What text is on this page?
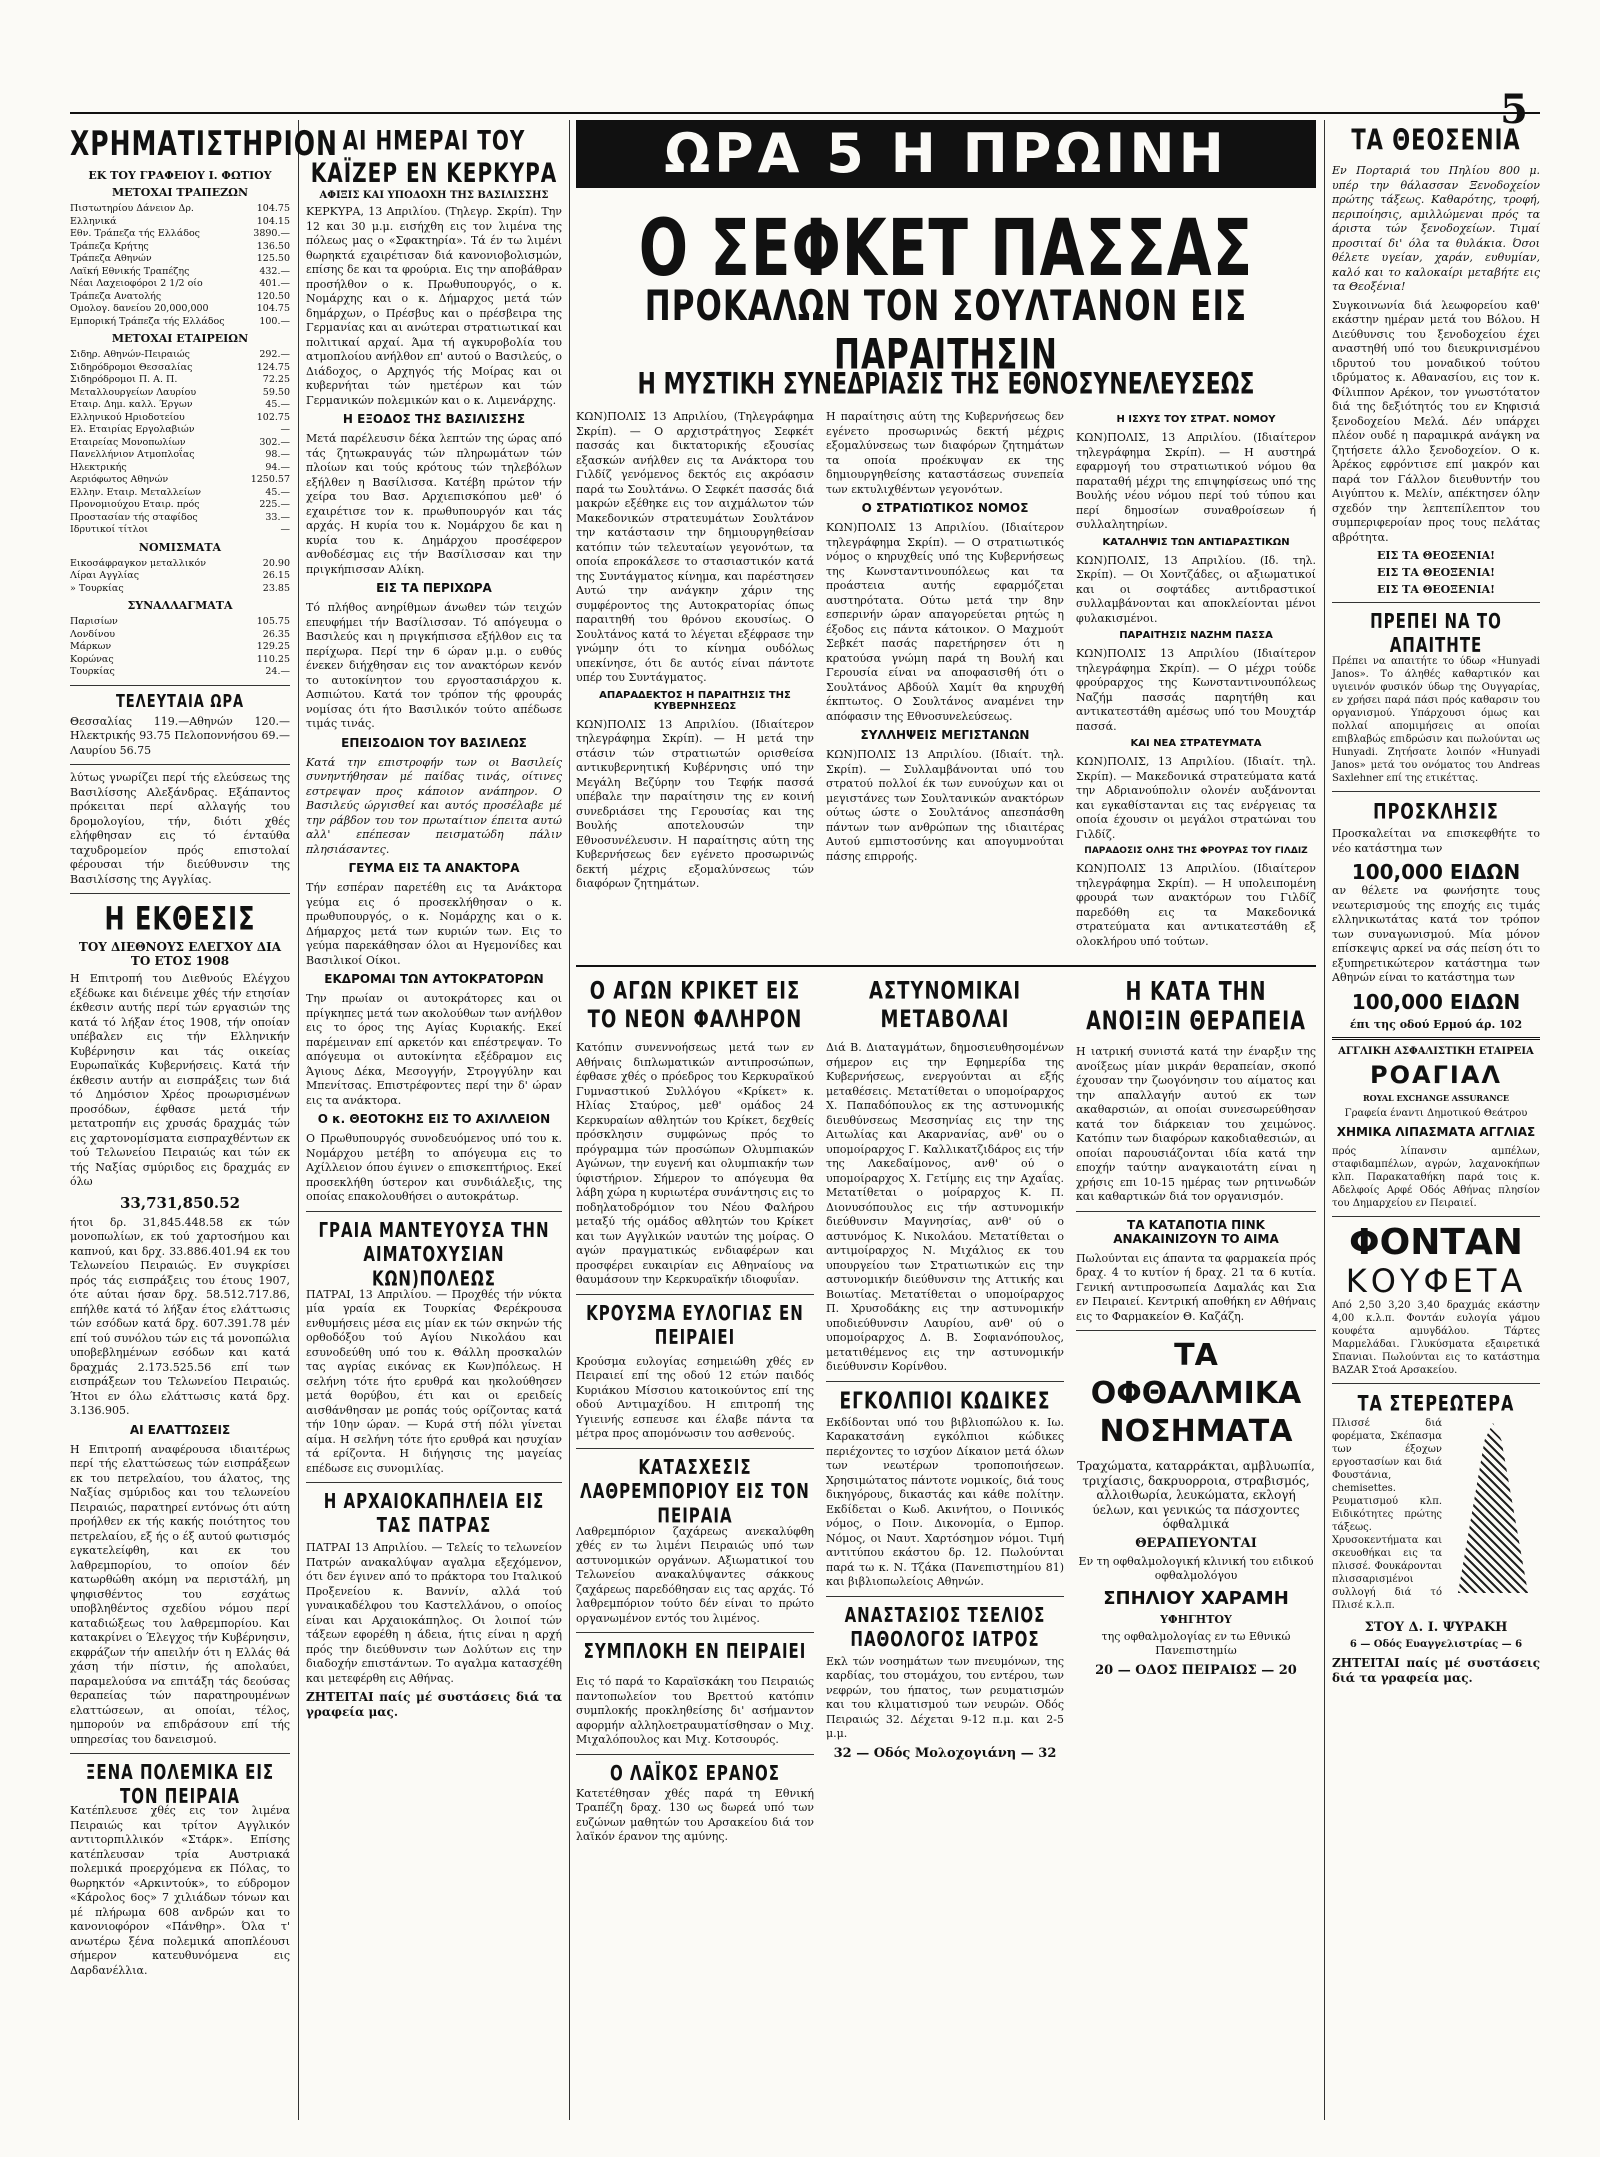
5
ΧΡΗΜΑΤΙΣΤΗΡΙΟΝ
ΕΚ ΤΟΥ ΓΡΑΦΕΙΟΥ Ι. ΦΩΤΙΟΥ
ΜΕΤΟΧΑΙ ΤΡΑΠΕΖΩΝ
Πιστωτηρίου Δάνειον Δρ.	104.75
Ελληνικά	104.15
Εθν. Τράπεζα τής Ελλάδος	3890.—
Τράπεζα Κρήτης	136.50
Τράπεζα Αθηνών	125.50
Λαϊκή Εθνικής Τραπέζης	432.—
Νέαι Λαχειοφόροι 2 1/2 οίο	401.—
Τράπεζα Ανατολής	120.50
Ομολογ. δανείου 20,000,000	104.75
Εμπορική Τράπεζα τής Ελλάδος	100.—
ΜΕΤΟΧΑΙ ΕΤΑΙΡΕΙΩΝ
Σιδηρ. Αθηνών-Πειραιώς	292.—
Σιδηρόδρομοι Θεσσαλίας	124.75
Σιδηρόδρομοι Π. Α. Π.	72.25
Μεταλλουργείων Λαυρίου	59.50
Εταιρ. Δημ. καλλ. Έργων	45.—
Ελληνικού Ηριοδοτείου	102.75
Ελ. Εταιρίας Εργολαβιών	—
Εταιρείας Μονοπωλίων	302.—
Πανελλήνιον Ατμοπλοΐας	98.—
Ηλεκτρικής	94.—
Αεριόφωτος Αθηνών	1250.57
Ελλην. Εταιρ. Μεταλλείων	45.—
Προνομιούχου Εταιρ. πρός	225.—
Προστασίαν τής σταφίδος	33.—
Ιδρυτικοί τίτλοι	—
ΝΟΜΙΣΜΑΤΑ
Εικοσάφραγκον μεταλλικόν	20.90
Λίραι Αγγλίας	26.15
» Τουρκίας	23.85
ΣΥΝΑΛΛΑΓΜΑΤΑ
Παρισίων	105.75
Λονδίνου	26.35
Μάρκων	129.25
Κορώνας	110.25
Τουρκίας	24.—
ΤΕΛΕΥΤΑΙΑ ΩΡΑ

Θεσσαλίας 119.—Αθηνών 120.— Ηλεκτρικής 93.75 Πελοποννήσου 69.— Λαυρίου 56.75

λύτως γνωρίζει περί τής ελεύσεως της Βασιλίσσης Αλεξάνδρας. Εξάπαντος πρόκειται περί αλλαγής του δρομολογίου, τήν, διότι χθές ελήφθησαν εις τό ένταύθα ταχυδρομείον πρός επιστολαί φέρουσαι τήν διεύθυνσιν της Βασιλίσσης της Αγγλίας.

Η ΕΚΘΕΣΙΣ
ΤΟΥ ΔΙΕΘΝΟΥΣ ΕΛΕΓΧΟΥ ΔΙΑ ΤΟ ΕΤΟΣ 1908

Η Επιτροπή του Διεθνούς Ελέγχου εξέδωκε και διένειμε χθές τήν ετησίαν έκθεσιν αυτής περί τών εργασιών της κατά τό λήξαν έτος 1908, τήν οποίαν υπέβαλεν εις τήν Ελληνικήν Κυβέρνησιν και τάς οικείας Ευρωπαϊκάς Κυβερνήσεις. Κατά τήν έκθεσιν αυτήν αι εισπράξεις των διά τό Δημόσιον Χρέος προωρισμένων προσόδων, έφθασε μετά τήν μετατροπήν εις χρυσάς δραχμάς τών εις χαρτονομίσματα εισπραχθέντων εκ τού Τελωνείου Πειραιώς και τών εκ τής Ναξίας σμύριδος εις δραχμάς εν όλω

33,731,850.52

ήτοι δρ. 31,845.448.58 εκ τών μονοπωλίων, εκ τού χαρτοσήμου και καπνού, και δρχ. 33.886.401.94 εκ του Τελωνείου Πειραιώς. Εν συγκρίσει πρός τάς εισπράξεις του έτους 1907, ότε αύται ήσαν δρχ. 58.512.717.86, επήλθε κατά τό λήξαν έτος ελάττωσις τών εσόδων κατά δρχ. 607.391.78 μέν επί τού συνόλου τών εις τά μονοπώλια υποβεβλημένων εσόδων και κατά δραχμάς 2.173.525.56 επί των εισπράξεων του Τελωνείου Πειραιώς. Ήτοι εν όλω ελάττωσις κατά δρχ. 3.136.905.

ΑΙ ΕΛΑΤΤΩΣΕΙΣ

Η Επιτροπή αναφέρουσα ιδιαιτέρως περί τής ελαττώσεως τών εισπράξεων εκ του πετρελαίου, του άλατος, της Ναξίας σμύριδος και του τελωνείου Πειραιώς, παρατηρεί εντόνως ότι αύτη προήλθεν εκ τής κακής ποιότητος του πετρελαίου, εξ ής ο έξ αυτού φωτισμός εγκατελείφθη, και εκ του λαθρεμπορίου, το οποίον δέν κατωρθώθη ακόμη να περιστάλή, μη ψηφισθέντος του εσχάτως υποβληθέντος σχεδίου νόμου περί καταδιώξεως του λαθρεμπορίου. Και κατακρίνει ο Έλεγχος τήν Κυβέρνησιν, εκφράζων τήν απειλήν ότι η Ελλάς θά χάση τήν πίστιν, ής απολαύει, παραμελούσα να επιτάξη τάς δεούσας θεραπείας τών παρατηρουμένων ελαττώσεων, αι οποίαι, τέλος, ημπορούν να επιδράσουν επί τής υπηρεσίας του δανεισμού.

ΞΕΝΑ ΠΟΛΕΜΙΚΑ ΕΙΣ ΤΟΝ ΠΕΙΡΑΙΑ

Κατέπλευσε χθές εις τον λιμένα Πειραιώς και τρίτον Αγγλικόν αντιτορπιλλικόν «Στάρκ». Επίσης κατέπλευσαν τρία Αυστριακά πολεμικά προερχόμενα εκ Πόλας, το θωρηκτόν «Αρκιντούκ», το εύδρομον «Κάρολος 6ος» 7 χιλιάδων τόνων και μέ πλήρωμα 608 ανδρών και το κανονιοφόρον «Πάνθηρ». Όλα τ' ανωτέρω ξένα πολεμικά αποπλέουσι σήμερον κατευθυνόμενα εις Δαρδανέλλια.

ΑΙ ΗΜΕΡΑΙ ΤΟΥ ΚΑΪΖΕΡ ΕΝ ΚΕΡΚΥΡΑ
ΑΦΙΞΙΣ ΚΑΙ ΥΠΟΔΟΧΗ ΤΗΣ ΒΑΣΙΛΙΣΣΗΣ

ΚΕΡΚΥΡΑ, 13 Απριλίου. (Τηλεγρ. Σκρίπ). Την 12 και 30 μ.μ. εισήχθη εις τον λιμένα της πόλεως μας ο «Σφακτηρία». Τά έν τω λιμένι θωρηκτά εχαιρέτισαν διά κανονιοβολισμών, επίσης δε και τα φρούρια. Εις την αποβάθραν προσήλθον ο κ. Πρωθυπουργός, ο κ. Νομάρχης και ο κ. Δήμαρχος μετά τών δημάρχων, ο Πρέσβυς και ο πρέσβειρα της Γερμανίας και αι ανώτεραι στρατιωτικαί και πολιτικαί αρχαί. Άμα τή αγκυροβολία του ατμοπλοίου ανήλθον επ' αυτού ο Βασιλεύς, ο Διάδοχος, ο Αρχηγός τής Μοίρας και οι κυβερνήται τών ημετέρων και τών Γερμανικών πολεμικών και ο κ. Λιμενάρχης.

Η ΕΞΟΔΟΣ ΤΗΣ ΒΑΣΙΛΙΣΣΗΣ

Μετά παρέλευσιν δέκα λεπτών της ώρας από τάς ζητωκραυγάς τών πληρωμάτων τών πλοίων και τούς κρότους τών τηλεβόλων εξήλθεν η Βασίλισσα. Κατέβη πρώτον τήν χείρα του Βασ. Αρχιεπισκόπου μεθ' ό εχαιρέτισε τον κ. πρωθυπουργόν και τάς αρχάς. Η κυρία του κ. Νομάρχου δε και η κυρία του κ. Δημάρχου προσέφερον ανθοδέσμας εις τήν Βασίλισσαν και την πριγκήπισσαν Αλίκη.

ΕΙΣ ΤΑ ΠΕΡΙΧΩΡΑ

Τό πλήθος ανηρίθμων άνωθεν τών τειχών επευφήμει τήν Βασίλισσαν. Τό απόγευμα ο Βασιλεύς και η πριγκήπισσα εξήλθον εις τα περίχωρα. Περί την 6 ώραν μ.μ. ο ευθύς ένεκεν διήχθησαν εις τον ανακτόρων κενόν το αυτοκίνητον του εργοστασιάρχου κ. Ασπιώτου. Κατά τον τρόπον τής φρουράς νομίσας ότι ήτο Βασιλικόν τούτο απέδωσε τιμάς τινάς.

ΕΠΕΙΣΟΔΙΟΝ ΤΟΥ ΒΑΣΙΛΕΩΣ

Κατά την επιστροφήν των οι Βασιλείς συνηντήθησαν μέ παίδας τινάς, οίτινες εστρεψαν προς κάποιον ανάπηρον. Ο Βασιλεύς ώργισθεί και αυτός προσέλαβε μέ την ράβδον του τον πρωταίτιον έπειτα αυτώ αλλ' επέπεσαν πεισματώδη πάλιν πλησιάσαντες.

ΓΕΥΜΑ ΕΙΣ ΤΑ ΑΝΑΚΤΟΡΑ

Τήν εσπέραν παρετέθη εις τα Ανάκτορα γεύμα εις ό προσεκλήθησαν ο κ. πρωθυπουργός, ο κ. Νομάρχης και ο κ. Δήμαρχος μετά των κυριών των. Εις το γεύμα παρεκάθησαν όλοι αι Ηγεμονίδες και Βασιλικοί Οίκοι.

ΕΚΔΡΟΜΑΙ ΤΩΝ ΑΥΤΟΚΡΑΤΟΡΩΝ

Την πρωίαν οι αυτοκράτορες και οι πρίγκηπες μετά των ακολούθων των ανήλθον εις το όρος της Αγίας Κυριακής. Εκεί παρέμειναν επί αρκετόν και επέστρεψαν. Το απόγευμα οι αυτοκίνητα εξέδραμον εις Άγιους Δέκα, Μεσογγήν, Στρογγύλην και Μπενίτσας. Επιστρέφοντες περί την δ' ώραν εις τα ανάκτορα.

Ο κ. ΘΕΟΤΟΚΗΣ ΕΙΣ ΤΟ ΑΧΙΛΛΕΙΟΝ

Ο Πρωθυπουργός συνοδευόμενος υπό του κ. Νομάρχου μετέβη το απόγευμα εις το Αχίλλειον όπου έγινεν ο επισκεπτήριος. Εκεί προσεκλήθη ύστερον και συνδιάλεξις, της οποίας επακολουθήσει ο αυτοκράτωρ.

ΓΡΑΙΑ ΜΑΝΤΕΥΟΥΣΑ ΤΗΝ ΑΙΜΑΤΟΧΥΣΙΑΝ ΚΩΝ)ΠΟΛΕΩΣ

ΠΑΤΡΑΙ, 13 Απριλίου. — Προχθές τήν νύκτα μία γραία εκ Τουρκίας Φερέκρουσα ενθυμήσεις μέσα εις μίαν εκ τών σκηνών τής ορθοδόξου τού Αγίου Νικολάου και εσυνοδεύθη υπό του κ. Θάλλη προσκαλών τας αγρίας εικόνας εκ Κων)πόλεως. Η σελήνη τότε ήτο ερυθρά και ηκολούθησεν μετά θορύβου, έτι και οι ερειδείς αισθάνθησαν με ροπάς τούς ορίζοντας κατά τήν 10ην ώραν. — Κυρά στή πόλι γίνεται αίμα. Η σελήνη τότε ήτο ερυθρά και ησυχίαν τά ερίζοντα. Η διήγησις της μαγείας επέδωσε εις συνομιλίας.

Η ΑΡΧΑΙΟΚΑΠΗΛΕΙΑ ΕΙΣ ΤΑΣ ΠΑΤΡΑΣ

ΠΑΤΡΑΙ 13 Απριλίου. — Τελείς το τελωνείον Πατρών ανακαλύψαν αγαλμα εξεχόμενον, ότι δεν έγινεν από το πράκτορα του Ιταλικού Προξενείου κ. Βαννίν, αλλά τού γυναικαδέλφου του Καστελλάνου, ο οποίος είναι και Αρχαιοκάπηλος. Οι λοιποί τών τάξεων εφορέθη η άδεια, ήτις είναι η αρχή πρός την διεύθυνσιν των Δολύτων εις την διαδοχήν επιστάντων. Το αγαλμα κατασχέθη και μετεφέρθη εις Αθήνας.

ΖΗΤΕΙΤΑΙ παίς μέ συστάσεις διά τα γραφεία μας.

ΩΡΑ 5 Η ΠΡΩΙΝΗ
Ο ΣΕΦΚΕΤ ΠΑΣΣΑΣ
ΠΡΟΚΑΛΩΝ ΤΟΝ ΣΟΥΛΤΑΝΟΝ ΕΙΣ ΠΑΡΑΙΤΗΣΙΝ
Η ΜΥΣΤΙΚΗ ΣΥΝΕΔΡΙΑΣΙΣ ΤΗΣ ΕΘΝΟΣΥΝΕΛΕΥΣΕΩΣ

ΚΩΝ)ΠΟΛΙΣ 13 Απριλίου, (Τηλεγράφημα Σκρίπ). — Ο αρχιστράτηγος Σεφκέτ πασσάς και δικτατορικής εξουσίας εξασκών ανήλθεν εις τα Ανάκτορα του Γιλδίζ γενόμενος δεκτός εις ακρόασιν παρά τω Σουλτάνω. Ο Σεφκέτ πασσάς διά μακρών εξέθηκε εις τον αιχμάλωτον τών Μακεδονικών στρατευμάτων Σουλτάνον την κατάστασιν την δημιουργηθείσαν κατόπιν τών τελευταίων γεγονότων, τα οποία επροκάλεσε το στασιαστικόν κατά της Συντάγματος κίνημα, και παρέστησεν Αυτώ την ανάγκην χάριν της συμφέροντος της Αυτοκρατορίας όπως παραιτηθή του θρόνου εκουσίως. Ο Σουλτάνος κατά το λέγεται εξέφρασε την γνώμην ότι το κίνημα ουδόλως υπεκίνησε, ότι δε αυτός είναι πάντοτε υπέρ του Συντάγματος.

ΑΠΑΡΑΔΕΚΤΟΣ Η ΠΑΡΑΙΤΗΣΙΣ ΤΗΣ ΚΥΒΕΡΝΗΣΕΩΣ

ΚΩΝ)ΠΟΛΙΣ 13 Απριλίου. (Ιδιαίτερον τηλεγράφημα Σκρίπ). — Η μετά την στάσιν τών στρατιωτών ορισθείσα αντικυβερνητική Κυβέρνησις υπό την Μεγάλη Βεζύρην του Τεφήκ πασσά υπέβαλε την παραίτησιν της εν κοινή συνεδριάσει της Γερουσίας και της Βουλής αποτελουσών την Εθνοσυνέλευσιν. Η παραίτησις αύτη της Κυβερνήσεως δεν εγένετο προσωρινώς δεκτή μέχρις εξομαλύνσεως τών διαφόρων ζητημάτων.

Η παραίτησις αύτη της Κυβερνήσεως δεν εγένετο προσωρινώς δεκτή μέχρις εξομαλύνσεως των διαφόρων ζητημάτων τα οποία προέκυψαν εκ της δημιουργηθείσης καταστάσεως συνεπεία των εκτυλιχθέντων γεγονότων.

Ο ΣΤΡΑΤΙΩΤΙΚΟΣ ΝΟΜΟΣ

ΚΩΝ)ΠΟΛΙΣ 13 Απριλίου. (Ιδιαίτερον τηλεγράφημα Σκρίπ). — Ο στρατιωτικός νόμος ο κηρυχθείς υπό της Κυβερνήσεως της Κωνσταντινουπόλεως και τα προάστεια αυτής εφαρμόζεται αυστηρότατα. Ούτω μετά την 8ην εσπερινήν ώραν απαγορεύεται ρητώς η έξοδος εις πάντα κάτοικον. Ο Μαχμούτ Σεβκέτ πασάς παρετήρησεν ότι η κρατούσα γνώμη παρά τη Βουλή και Γερουσία είναι να αποφασισθή ότι ο Σουλτάνος Αβδούλ Χαμίτ θα κηρυχθή έκπτωτος. Ο Σουλτάνος αναμένει την απόφασιν της Εθνοσυνελεύσεως.

ΣΥΛΛΗΨΕΙΣ ΜΕΓΙΣΤΑΝΩΝ

ΚΩΝ)ΠΟΛΙΣ 13 Απριλίου. (Ιδιαίτ. τηλ. Σκρίπ). — Συλλαμβάνονται υπό του στρατού πολλοί έκ των ευνούχων και οι μεγιστάνες των Σουλτανικών ανακτόρων ούτως ώστε ο Σουλτάνος απεσπάσθη πάντων των ανθρώπων της ιδιαιτέρας Αυτού εμπιστοσύνης και απογυμνούται πάσης επιρροής.

Η ΙΣΧΥΣ ΤΟΥ ΣΤΡΑΤ. ΝΟΜΟΥ

ΚΩΝ)ΠΟΛΙΣ, 13 Απριλίου. (Ιδιαίτερον τηλεγράφημα Σκρίπ). — Η αυστηρά εφαρμογή του στρατιωτικού νόμου θα παραταθή μέχρι της επιψηφίσεως υπό της Βουλής νέου νόμου περί τού τύπου και περί δημοσίων συναθροίσεων ή συλλαλητηρίων.

ΚΑΤΑΛΗΨΙΣ ΤΩΝ ΑΝΤΙΔΡΑΣΤΙΚΩΝ

ΚΩΝ)ΠΟΛΙΣ, 13 Απριλίου. (Ιδ. τηλ. Σκρίπ). — Οι Χοντζάδες, οι αξιωματικοί και οι σοφτάδες αντιδραστικοί συλλαμβάνονται και αποκλείονται μένοι φυλακισμένοι.

ΠΑΡΑΙΤΗΣΙΣ ΝΑΖΗΜ ΠΑΣΣΑ

ΚΩΝ)ΠΟΛΙΣ 13 Απριλίου (Ιδιαίτερον τηλεγράφημα Σκρίπ). — Ο μέχρι τούδε φρούραρχος της Κωνσταντινουπόλεως Ναζήμ πασσάς παρητήθη και αντικατεστάθη αμέσως υπό του Μουχτάρ πασσά.

ΚΑΙ ΝΕΑ ΣΤΡΑΤΕΥΜΑΤΑ

ΚΩΝ)ΠΟΛΙΣ, 13 Απριλίου. (Ιδιαίτ. τηλ. Σκρίπ). — Μακεδονικά στρατεύματα κατά την Αδριανούπολιν ολονέν αυξάνονται και εγκαθίστανται εις τας ενέργειας τα οποία έχουσιν οι μεγάλοι στρατώναι του Γιλδίζ.

ΠΑΡΑΔΟΣΙΣ ΟΛΗΣ ΤΗΣ ΦΡΟΥΡΑΣ ΤΟΥ ΓΙΛΔΙΖ

ΚΩΝ)ΠΟΛΙΣ 13 Απριλίου. (Ιδιαίτερον τηλεγράφημα Σκρίπ). — Η υπολειπομένη φρουρά των ανακτόρων του Γιλδίζ παρεδόθη εις τα Μακεδονικά στρατεύματα και αντικατεστάθη εξ ολοκλήρου υπό τούτων.

Ο ΑΓΩΝ ΚΡΙΚΕΤ ΕΙΣ ΤΟ ΝΕΟΝ ΦΑΛΗΡΟΝ

Κατόπιν συνεννοήσεως μετά των εν Αθήναις διπλωματικών αντιπροσώπων, έφθασε χθές ο πρόεδρος του Κερκυραϊκού Γυμναστικού Συλλόγου «Κρίκετ» κ. Ηλίας Σταύρος, μεθ' ομάδος 24 Κερκυραίων αθλητών του Κρίκετ, δεχθείς πρόσκλησιν συμφώνως πρός το πρόγραμμα τών προσώπων Ολυμπιακών Αγώνων, την ευγενή και ολυμπιακήν των ύφιστήριον. Σήμερον το απόγευμα θα λάβη χώρα η κυριωτέρα συνάντησις εις το ποδηλατοδρόμιον του Νέου Φαλήρου μεταξύ τής ομάδος αθλητών του Κρίκετ και των Αγγλικών ναυτών της μοίρας. Ο αγών πραγματικώς ενδιαφέρων και προσφέρει ευκαιρίαν εις Αθηναίους να θαυμάσουν την Κερκυραϊκήν ιδιοφυΐαν.

ΚΡΟΥΣΜΑ ΕΥΛΟΓΙΑΣ ΕΝ ΠΕΙΡΑΙΕΙ

Κρούσμα ευλογίας εσημειώθη χθές εν Πειραιεί επί της οδού 12 ετών παιδός Κυριάκου Μίσσιου κατοικούντος επί της οδού Αντιμαχίδου. Η επιτροπή της Υγιεινής εσπευσε και έλαβε πάντα τα μέτρα προς απομόνωσιν του ασθενούς.

ΚΑΤΑΣΧΕΣΙΣ ΛΑΘΡΕΜΠΟΡΙΟΥ ΕΙΣ ΤΟΝ ΠΕΙΡΑΙΑ

Λαθρεμπόριον ζαχάρεως ανεκαλύφθη χθές εν τω λιμένι Πειραιώς υπό των αστυνομικών οργάνων. Αξιωματικοί του Τελωνείου ανακαλύψαντες σάκκους ζαχάρεως παρεδόθησαν εις τας αρχάς. Τό λαθρεμπόριον τούτο δέν είναι το πρώτο οργανωμένον εντός του λιμένος.

ΣΥΜΠΛΟΚΗ ΕΝ ΠΕΙΡΑΙΕΙ

Εις τό παρά το Καραϊσκάκη του Πειραιώς παντοπωλείον του Βρεττού κατόπιν συμπλοκής προκληθείσης δι' ασήμαντον αφορμήν αλληλοετραυματίσθησαν ο Μιχ. Μιχαλόπουλος και Μιχ. Κοτσουρός.

Ο ΛΑΪΚΟΣ ΕΡΑΝΟΣ

Κατετέθησαν χθές παρά τη Εθνική Τραπέζη δραχ. 130 ως δωρεά υπό των ευζώνων μαθητών του Αρσακείου διά τον λαϊκόν έρανον της αμύνης.

ΑΣΤΥΝΟΜΙΚΑΙ ΜΕΤΑΒΟΛΑΙ

Διά Β. Διαταγμάτων, δημοσιευθησομένων σήμερον εις την Εφημερίδα της Κυβερνήσεως, ενεργούνται αι εξής μεταθέσεις. Μετατίθεται ο υπομοίραρχος Χ. Παπαδόπουλος εκ της αστυνομικής διευθύνσεως Μεσσηνίας εις την της Αιτωλίας και Ακαρνανίας, ανθ' ου ο υπομοίραρχος Γ. Καλλικατζιδάρος εις τήν της Λακεδαίμονος, ανθ' ού ο υπομοίραρχος Χ. Γετίμης εις την Αχαΐας. Μετατίθεται ο μοίραρχος Κ. Π. Διονυσόπουλος εις τήν αστυνομικήν διεύθυνσιν Μαγνησίας, ανθ' ού ο αστυνόμος Κ. Νικολάου. Μετατίθεται ο αντιμοίραρχος Ν. Μιχάλιος εκ του υπουργείου των Στρατιωτικών εις την αστυνομικήν διεύθυνσιν της Αττικής και Βοιωτίας. Μετατίθεται ο υπομοίραρχος Π. Χρυσοδάκης εις την αστυνομικήν υποδιεύθυνσιν Λαυρίου, ανθ' ού ο υπομοίραρχος Δ. Β. Σοφιανόπουλος, μετατιθέμενος εις την αστυνομικήν διεύθυνσιν Κορίνθου.

ΕΓΚΟΛΠΙΟΙ ΚΩΔΙΚΕΣ

Εκδίδονται υπό του βιβλιοπώλου κ. Ιω. Καρακατσάνη εγκόλπιοι κώδικες περιέχοντες το ισχύον Δίκαιον μετά όλων των νεωτέρων τροποποιήσεων. Χρησιμώτατος πάντοτε νομικοίς, διά τους δικηγόρους, δικαστάς και κάθε πολίτην. Εκδίδεται ο Κωδ. Ακινήτου, ο Ποινικός νόμος, ο Ποιν. Δικονομία, ο Εμπορ. Νόμος, οι Ναυτ. Χαρτόσημον νόμοι. Τιμή αντιτύπου εκάστου δρ. 12. Πωλούνται παρά τω κ. Ν. Τζάκα (Πανεπιστημίου 81) και βιβλιοπωλείοις Αθηνών.

ΑΝΑΣΤΑΣΙΟΣ ΤΣΕΛΙΟΣ ΠΑΘΟΛΟΓΟΣ ΙΑΤΡΟΣ

Εκλ τών νοσημάτων των πνευμόνων, της καρδίας, του στομάχου, του εντέρου, των νεφρών, του ήπατος, των ρευματισμών και του κλιματισμού των νευρών. Οδός Πειραιώς 32. Δέχεται 9-12 π.μ. και 2-5 μ.μ.

32 — Οδός Μολοχογιάνη — 32
Η ΚΑΤΑ ΤΗΝ ΑΝΟΙΞΙΝ ΘΕΡΑΠΕΙΑ

Η ιατρική συνιστά κατά την έναρξιν της ανοίξεως μίαν μικράν θεραπείαν, σκοπό έχουσαν την ζωογόνησιν του αίματος και την απαλλαγήν αυτού εκ των ακαθαρσιών, αι οποίαι συνεσωρεύθησαν κατά τον διάρκειαν του χειμώνος. Κατόπιν των διαφόρων κακοδιαθεσιών, αι οποίαι παρουσιάζονται ιδία κατά την εποχήν ταύτην αναγκαιοτάτη είναι η χρήσις επι 10-15 ημέρας των ρητινωδών και καθαρτικών διά τον οργανισμόν.

ΤΑ ΚΑΤΑΠΟΤΙΑ ΠΙΝΚ ΑΝΑΚΑΙΝΙΖΟΥΝ ΤΟ ΑΙΜΑ

Πωλούνται εις άπαντα τα φαρμακεία πρός δραχ. 4 το κυτίον ή δραχ. 21 τα 6 κυτία. Γενική αντιπροσωπεία Δαμαλάς και Σια εν Πειραιεί. Κεντρική αποθήκη εν Αθήναις εις το Φαρμακείον Θ. Καζάζη.

ΤΑ ΟΦΘΑΛΜΙΚΑ ΝΟΣΗΜΑΤΑ

Τραχώματα, καταρράκται, αμβλυωπία, τριχίασις, δακρυορροια, στραβισμός, αλλοιθωρία, λευκώματα, εκλογή ύελων, και γενικώς τα πάσχοντες όφθαλμικά

ΘΕΡΑΠΕΥΟΝΤΑΙ

Εν τη οφθαλμολογική κλινική του ειδικού οφθαλμολόγου

ΣΠΗΛΙΟΥ ΧΑΡΑΜΗ
ΥΦΗΓΗΤΟΥ

της οφθαλμολογίας εν τω Εθνικώ Πανεπιστημίω

20 — ΟΔΟΣ ΠΕΙΡΑΙΩΣ — 20
ΤΑ ΘΕΟΣΕΝΙΑ

Εν Πορταριά του Πηλίου 800 μ. υπέρ την θάλασσαν Ξενοδοχείον πρώτης τάξεως. Καθαρότης, τροφή, περιποίησις, αμιλλώμεναι πρός τα άριστα τών ξενοδοχείων. Τιμαί προσιταί δι' όλα τα θυλάκια. Όσοι θέλετε υγείαν, χαράν, ευθυμίαν, καλό και το καλοκαίρι μεταβήτε εις τα Θεοξένια!

Συγκοινωνία διά λεωφορείου καθ' εκάστην ημέραν μετά του Βόλου. Η Διεύθυνσις του ξενοδοχείου έχει αναστηθή υπό του διευκρινισμένου ιδρυτού του μοναδικού τούτου ιδρύματος κ. Αθανασίου, εις τον κ. Φίλιππον Αρέκον, τον γνωστότατον διά της δεξιότητός του εν Κηφισιά ξενοδοχείου Μελά. Δέν υπάρχει πλέον ουδέ η παραμικρά ανάγκη να ζητήσετε άλλο ξενοδοχείον. Ο κ. Άρέκος εφρόντισε επί μακρόν και παρά τον Γάλλον διευθυντήν του Αιγύπτου κ. Μελίν, απέκτησεν όλην σχεδόν την λεπτεπίλεπτον του συμπεριφεροίαν προς τους πελάτας αβρότητα.

ΕΙΣ ΤΑ ΘΕΟΞΕΝΙΑ!
ΕΙΣ ΤΑ ΘΕΟΞΕΝΙΑ!
ΕΙΣ ΤΑ ΘΕΟΞΕΝΙΑ!
ΠΡΕΠΕΙ ΝΑ ΤΟ ΑΠΑΙΤΗΤΕ

Πρέπει να απαιτήτε το ύδωρ «Hunyadi Janos». Το άληθές καθαρτικόν και υγιεινόν φυσικόν ύδωρ της Ουγγαρίας, εν χρήσει παρά πάσι πρός καθαρσιν του οργανισμού. Υπάρχουσι όμως και πολλαί απομιμήσεις αι οποίαι επιβλαβώς επιδρώσιν και πωλούνται ως Hunyadi. Ζητήσατε λοιπόν «Hunyadi Janos» μετά του ονόματος του Andreas Saxlehner επί της ετικέττας.

ΠΡΟΣΚΛΗΣΙΣ

Προσκαλείται να επισκεφθήτε το νέο κατάστημα των

100,000 ΕΙΔΩΝ

αν θέλετε να φωνήσητε τους νεωτερισμούς της εποχής εις τιμάς ελληνικωτάτας κατά τον τρόπον των συναγωνισμού. Μία μόνον επίσκεψις αρκεί να σάς πείση ότι το εξυπηρετικώτερον κατάστημα των Αθηνών είναι το κατάστημα των

100,000 ΕΙΔΩΝ
έπι της οδού Ερμού άρ. 102
ΑΓΓΛΙΚΗ ΑΣΦΑΛΙΣΤΙΚΗ ΕΤΑΙΡΕΙΑ
ΡΟΑΓΙΑΛ
ROYAL EXCHANGE ASSURANCE

Γραφεία έναντι Δημοτικού Θεάτρου

ΧΗΜΙΚΑ ΛΙΠΑΣΜΑΤΑ ΑΓΓΛΙΑΣ

πρός λίπανσιν αμπέλων, σταφιδαμπέλων, αγρών, λαχανοκήπων κλπ. Παρακαταθήκη παρά τοις κ. Αδελφοίς Αρφέ Οδός Αθήνας πλησίον του Δημαρχείου εν Πειραιεί.

ΦΟΝΤΑΝ
ΚΟΥΦΕΤΑ

Από 2,50 3,20 3,40 δραχμάς εκάστην 4,00 κ.λ.π. Φοντάν ευλογία γάμου κουφέτα αμυγδάλου. Τάρτες Μαρμελάδαι. Γλυκύσματα εξαιρετικά Σπανιαι. Πωλούνται εις το κατάστημα BAZAR Στοά Αρσακείου.

ΤΑ ΣΤΕΡΕΩΤΕΡΑ

Πλισσέ διά φορέματα, Σκέπασμα των έξοχων εργοστασίων και διά Φουστάνια, chemisettes. Ρευματισμού κλπ. Ειδικότητες πρώτης τάξεως. Χρυσοκεντήματα και σκευοθήκαι εις τα πλισσέ. Φουκάρονται πλισσαρισμένοι συλλογή διά τό Πλισέ κ.λ.π.

ΣΤΟΥ Δ. Ι. ΨΥΡΑΚΗ
6 — Οδός Ευαγγελιστρίας — 6

ΖΗΤΕΙΤΑΙ παίς μέ συστάσεις διά τα γραφεία μας.
